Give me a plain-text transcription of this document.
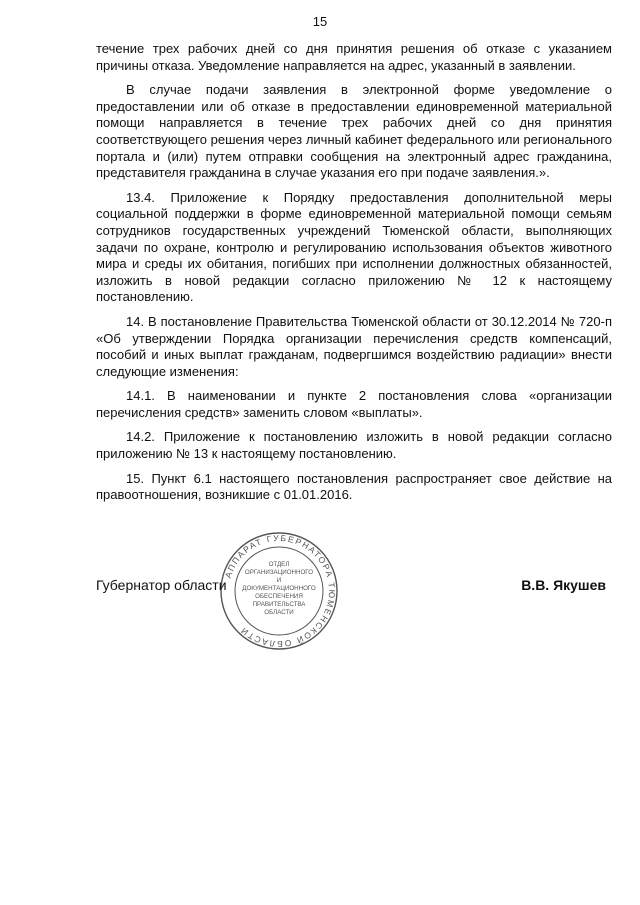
15

течение трех рабочих дней со дня принятия решения об отказе с указанием причины отказа. Уведомление направляется на адрес, указанный в заявлении.

В случае подачи заявления в электронной форме уведомление о предоставлении или об отказе в предоставлении единовременной материальной помощи направляется в течение трех рабочих дней со дня принятия соответствующего решения через личный кабинет федерального или регионального портала и (или) путем отправки сообщения на электронный адрес гражданина, представителя гражданина в случае указания его при подаче заявления.».

13.4. Приложение к Порядку предоставления дополнительной меры социальной поддержки в форме единовременной материальной помощи семьям сотрудников государственных учреждений Тюменской области, выполняющих задачи по охране, контролю и регулированию использования объектов животного мира и среды их обитания, погибших при исполнении должностных обязанностей, изложить в новой редакции согласно приложению № 12 к настоящему постановлению.

14. В постановление Правительства Тюменской области от 30.12.2014 № 720-п «Об утверждении Порядка организации перечисления средств компенсаций, пособий и иных выплат гражданам, подвергшимся воздействию радиации» внести следующие изменения:

14.1. В наименовании и пункте 2 постановления слова «организации перечисления средств» заменить словом «выплаты».

14.2. Приложение к постановлению изложить в новой редакции согласно приложению № 13 к настоящему постановлению.

15. Пункт 6.1 настоящего постановления распространяет свое действие на правоотношения, возникшие с 01.01.2016.

АППАРАТ ГУБЕРНАТОРА ТЮМЕНСКОЙ ОБЛАСТИ
ОТДЕЛ
ОРГАНИЗАЦИОННОГО
И
ДОКУМЕНТАЦИОННОГО
ОБЕСПЕЧЕНИЯ
ПРАВИТЕЛЬСТВА
ОБЛАСТИ
Губернатор области	В.В. Якушев
